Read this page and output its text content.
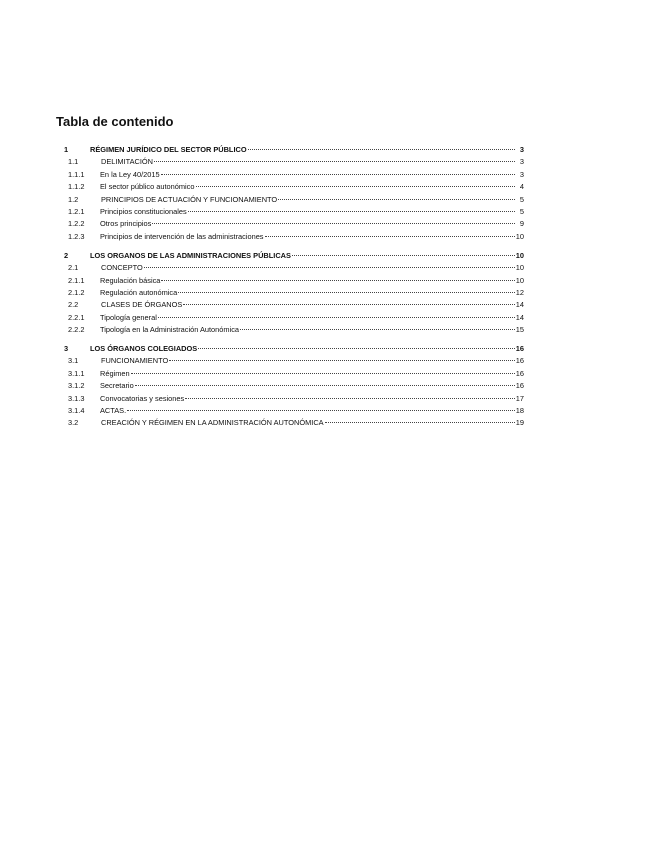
Tabla de contenido
1	RÉGIMEN JURÍDICO DEL SECTOR PÚBLICO	3
1.1	DELIMITACIÓN	3
1.1.1	En la Ley 40/2015	3
1.1.2	El sector público autonómico	4
1.2	PRINCIPIOS DE ACTUACIÓN Y FUNCIONAMIENTO	5
1.2.1	Principios constitucionales	5
1.2.2	Otros principios	9
1.2.3	Principios de intervención de las administraciones	10
2	LOS ORGANOS DE LAS ADMINISTRACIONES PÚBLICAS	10
2.1	CONCEPTO	10
2.1.1	Regulación básica	10
2.1.2	Regulación autonómica	12
2.2	CLASES DE ÓRGANOS	14
2.2.1	Tipología general	14
2.2.2	Tipología en la Administración Autonómica	15
3	LOS ÓRGANOS COLEGIADOS	16
3.1	FUNCIONAMIENTO	16
3.1.1	Régimen	16
3.1.2	Secretario	16
3.1.3	Convocatorias y sesiones	17
3.1.4	ACTAS.	18
3.2	CREACIÓN Y RÉGIMEN EN LA ADMINISTRACIÓN AUTONÓMICA	19
